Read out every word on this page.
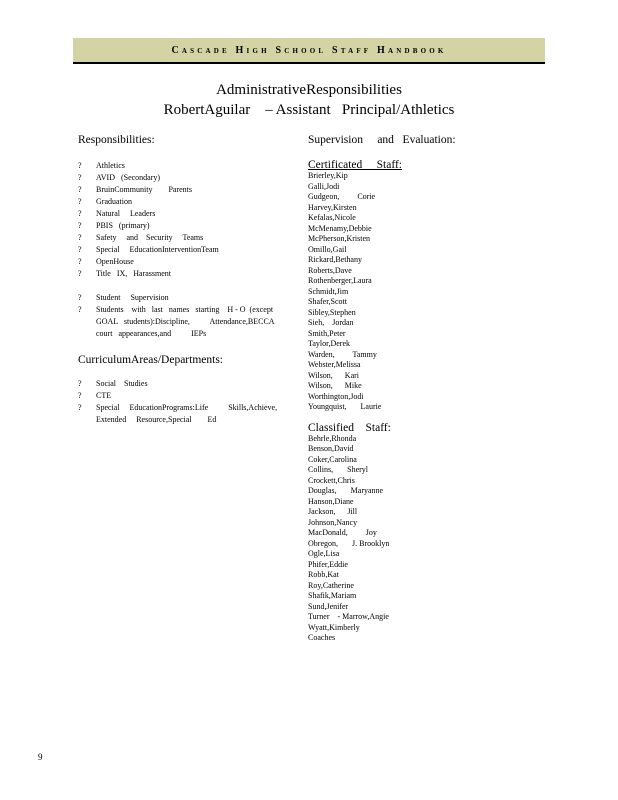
Cascade High School Staff Handbook
AdministrativeResponsibilities
RobertAguilar    – Assistant   Principal/Athletics

Responsibilities:

? Athletics
? AVID   (Secondary)
? BruinCommunity        Parents
? Graduation
? Natural     Leaders
? PBIS   (primary)
? Safety     and    Security     Teams
? Special     EducationInterventionTeam
? OpenHouse
? Title   IX,   Harassment
? Student     Supervision
? Students    with   last   names   starting    H - O  (except GOAL   students):Discipline,          Attendance,BECCA court   appearances,and          IEPs

CurriculumAreas/Departments:

? Social    Studies
? CTE
? Special     EducationPrograms:Life          Skills,Achieve, Extended     Resource,Special        Ed

Supervision     and   Evaluation:

Certificated     Staff:

Brierley,Kip
Galli,Jodi
Gudgeon,         Corie
Harvey,Kirsten
Kefalas,Nicole
McMenamy,Debbie
McPherson,Kristen
Omillo,Gail
Rickard,Bethany
Roberts,Dave
Rothenberger,Laura
Schmidt,Jim
Shafer,Scott
Sibley,Stephen
Sieh,    Jordan
Smith,Peter
Taylor,Derek
Warden,         Tammy
Webster,Melissa
Wilson,      Kari
Wilson,      Mike
Worthington,Jodi
Youngquist,       Laurie

Classified    Staff:

Behrle,Rhonda
Benson,David
Coker,Carolina
Collins,       Sheryl
Crockett,Chris
Douglas,       Maryanne
Hanson,Diane
Jackson,      Jill
Johnson,Nancy
MacDonald,         Joy
Obregon,       J. Brooklyn
Ogle,Lisa
Phifer,Eddie
Robb,Kat
Roy,Catherine
Shafik,Mariam
Sund,Jenifer
Turner    - Marrow,Angie
Wyatt,Kimberly
Coaches
9
